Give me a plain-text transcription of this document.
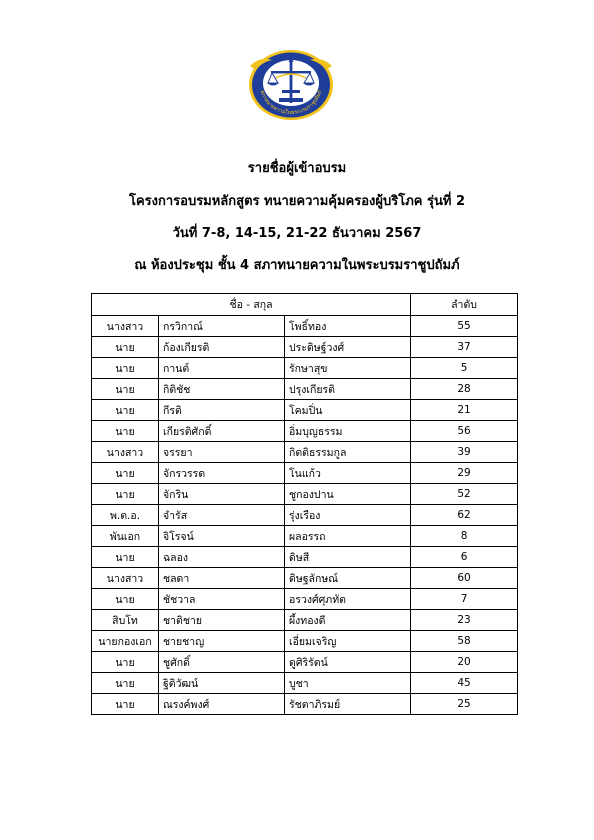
สภาทนายความในพระบรมราชูปถัมภ์
รายชื่อผู้เข้าอบรม
โครงการอบรมหลักสูตร ทนายความคุ้มครองผู้บริโภค รุ่นที่ 2
วันที่ 7-8, 14-15, 21-22 ธันวาคม 2567
ณ ห้องประชุม ชั้น 4 สภาทนายความในพระบรมราชูปถัมภ์
ชื่อ - สกุล			ลำดับ
นางสาว	กรวิกาณ์	โพธิ์ทอง	55
นาย	ก้องเกียรติ	ประดิษฐ์วงศ์	37
นาย	กานต์	รักษาสุข	5
นาย	กิติชัช	ปรุงเกียรติ	28
นาย	กีรติ	โคมปิ่น	21
นาย	เกียรติศักดิ์	อิ่มบุญธรรม	56
นางสาว	จรรยา	กิตติธรรมกูล	39
นาย	จักรวรรด	โนแก้ว	29
นาย	จักริน	ชูกองปาน	52
พ.ต.อ.	จำรัส	รุ่งเรือง	62
พันเอก	จิโรจน์	ผลอรรถ	8
นาย	ฉลอง	ดิษสี	6
นางสาว	ชลดา	ดิษฐลักษณ์	60
นาย	ชัชวาล	อรวงศ์ศุภทัต	7
สิบโท	ชาติชาย	ผึ้งทองดี	23
นายกองเอก	ชายชาญ	เอี่ยมเจริญ	58
นาย	ชูศักดิ์	ดูศิริรัตน์	20
นาย	ฐิติวัฒน์	บูชา	45
นาย	ณรงค์พงศ์	รัชตาภิรมย์	25
